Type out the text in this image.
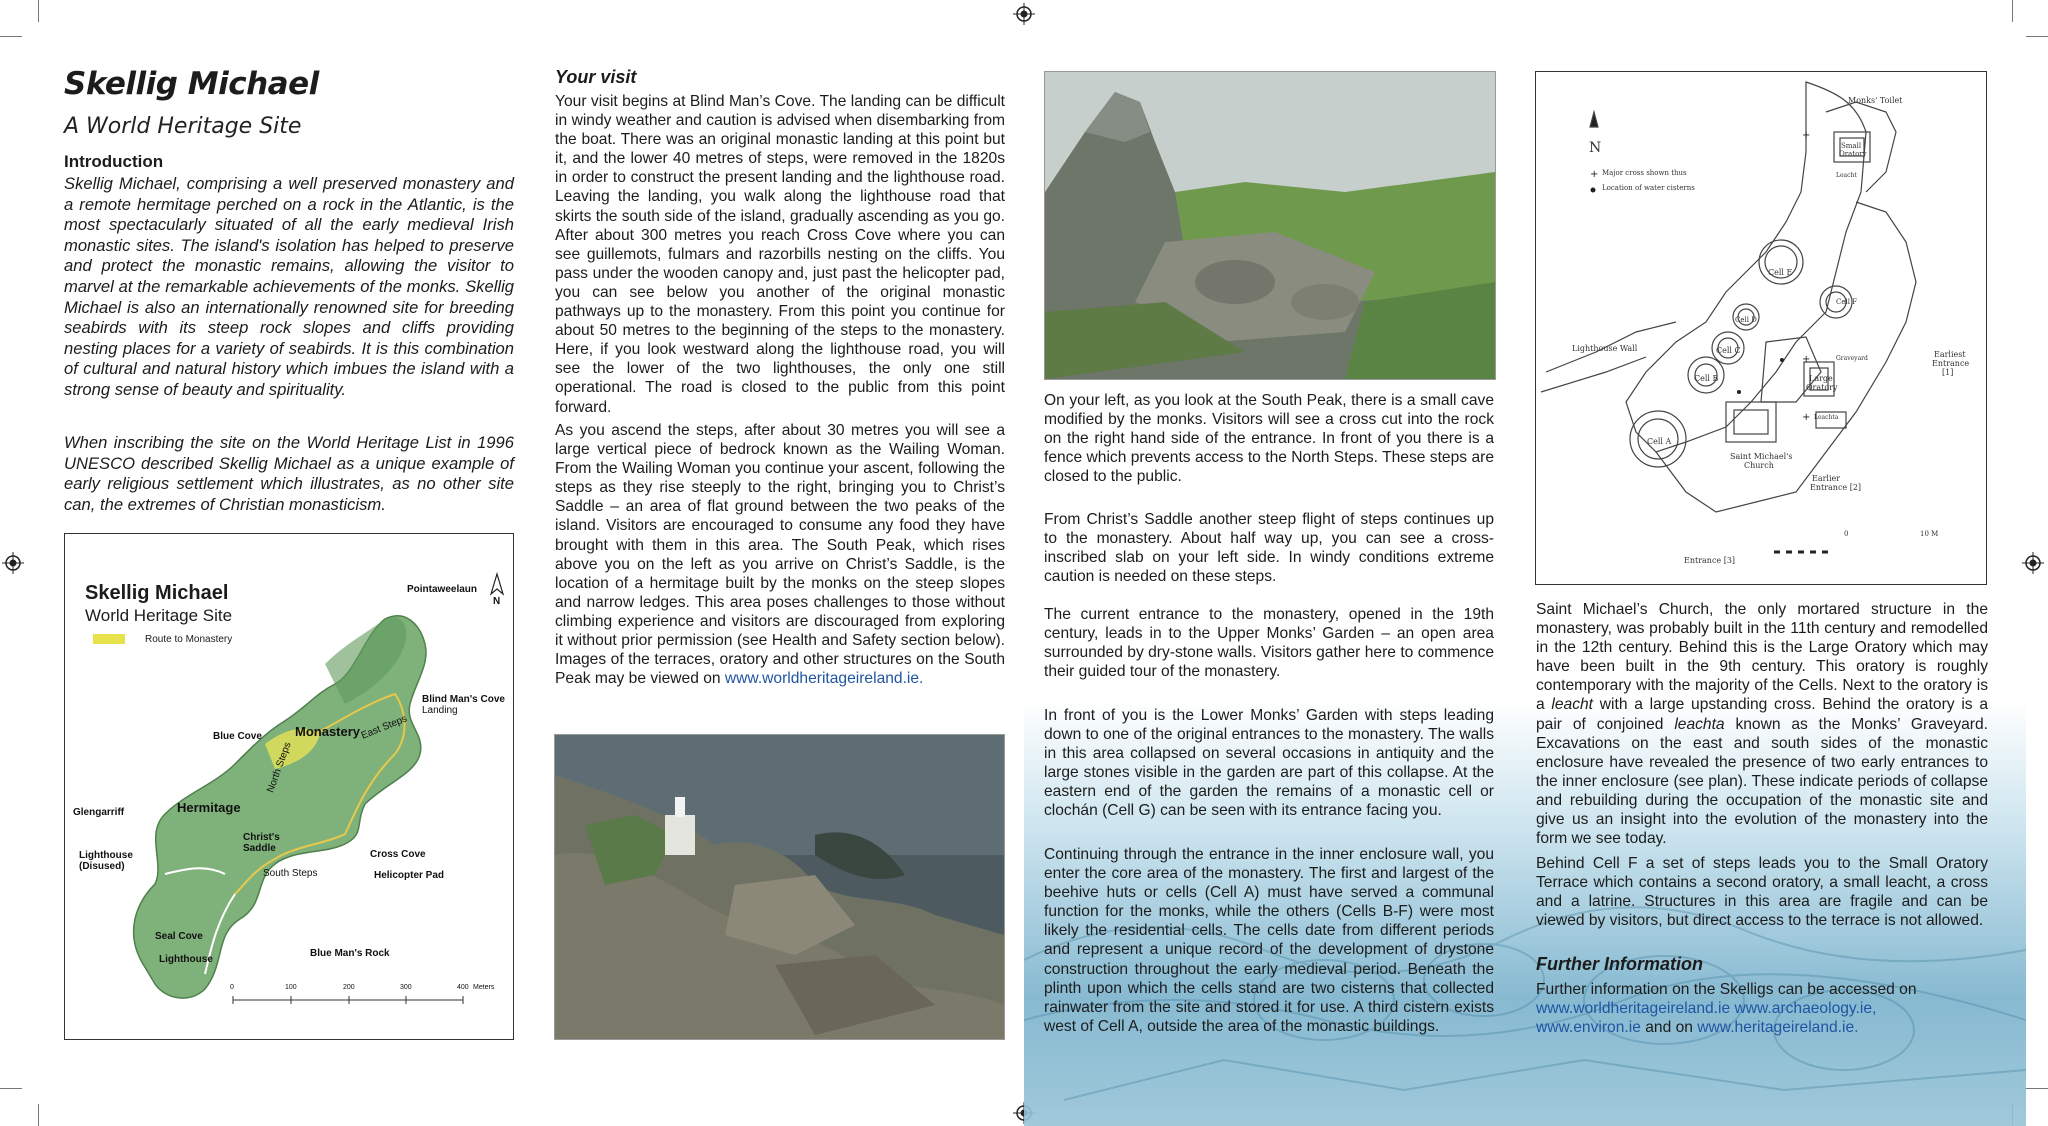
Skellig Michael
A World Heritage Site
Introduction

Skellig Michael, comprising a well preserved monastery and a remote hermitage perched on a rock in the Atlantic, is the most spectacularly situated of all the early medieval Irish monastic sites. The island's isolation has helped to preserve and protect the monastic remains, allowing the visitor to marvel at the remarkable achievements of the monks. Skellig Michael is also an internationally renowned site for breeding seabirds with its steep rock slopes and cliffs providing nesting places for a variety of seabirds. It is this combination of cultural and natural history which imbues the island with a strong sense of beauty and spirituality.

When inscribing the site on the World Heritage List in 1996 UNESCO described Skellig Michael as a unique example of early religious settlement which illustrates, as no other site can, the extremes of Christian monasticism.

Skellig Michael
World Heritage Site
Route to Monastery
N
Pointaweelaun
Blind Man's Cove
Landing
Blue Cove	Monastery East Steps
North Steps
Glengarriff	Hermitage
Christ's
Saddle
Lighthouse
(Disused)
Cross Cove
South Steps	Helicopter Pad
Seal Cove
Lighthouse
Blue Man's Rock
0	100	200	300	400 Meters
Your visit

Your visit begins at Blind Man’s Cove. The landing can be difficult in windy weather and caution is advised when disembarking from the boat. There was an original monastic landing at this point but it, and the lower 40 metres of steps, were removed in the 1820s in order to construct the present landing and the lighthouse road. Leaving the landing, you walk along the lighthouse road that skirts the south side of the island, gradually ascending as you go. After about 300 metres you reach Cross Cove where you can see guillemots, fulmars and razorbills nesting on the cliffs. You pass under the wooden canopy and, just past the helicopter pad, you can see below you another of the original monastic pathways up to the monastery. From this point you continue for about 50 metres to the beginning of the steps to the monastery. Here, if you look westward along the lighthouse road, you will see the lower of the two lighthouses, the only one still operational. The road is closed to the public from this point forward.

As you ascend the steps, after about 30 metres you will see a large vertical piece of bedrock known as the Wailing Woman. From the Wailing Woman you continue your ascent, following the steps as they rise steeply to the right, bringing you to Christ’s Saddle – an area of flat ground between the two peaks of the island. Visitors are encouraged to consume any food they have brought with them in this area. The South Peak, which rises above you on the left as you arrive on Christ’s Saddle, is the location of a hermitage built by the monks on the steep slopes and narrow ledges. This area poses challenges to those without climbing experience and visitors are discouraged from exploring it without prior permission (see Health and Safety section below). Images of the terraces, oratory and other structures on the South Peak may be viewed on www.worldheritageireland.ie.

On your left, as you look at the South Peak, there is a small cave modified by the monks. Visitors will see a cross cut into the rock on the right hand side of the entrance. In front of you there is a fence which prevents access to the North Steps. These steps are closed to the public.

From Christ’s Saddle another steep flight of steps continues up to the monastery. About half way up, you can see a cross-inscribed slab on your left side. In windy conditions extreme caution is needed on these steps.

The current entrance to the monastery, opened in the 19th century, leads in to the Upper Monks’ Garden – an open area surrounded by dry-stone walls. Visitors gather here to commence their guided tour of the monastery.

In front of you is the Lower Monks’ Garden with steps leading down to one of the original entrances to the monastery. The walls in this area collapsed on several occasions in antiquity and the large stones visible in the garden are part of this collapse. At the eastern end of the garden the remains of a monastic cell or clochán (Cell G) can be seen with its entrance facing you.

Continuing through the entrance in the inner enclosure wall, you enter the core area of the monastery. The first and largest of the beehive huts or cells (Cell A) must have served a communal function for the monks, while the others (Cells B-F) were most likely the residential cells. The cells date from different periods and represent a unique record of the development of drystone construction throughout the early medieval period. Beneath the plinth upon which the cells stand are two cisterns that collected rainwater from the site and stored it for use. A third cistern exists west of Cell A, outside the area of the monastic buildings.

+
+
+
+
N
Major cross shown thus
Location of water cisterns
Monks' Toilet
Small
Oratory
Leacht
Cell E
Cell F
Cell D
Cell C
Cell B
Cell A
Lighthouse Wall
Graveyard
Large
Oratory
Leachta
Earliest
Entrance
[1]
Saint Michael's
Church
Earlier
Entrance [2]
Entrance [3]
0	10 M

Saint Michael’s Church, the only mortared structure in the monastery, was probably built in the 11th century and remodelled in the 12th century. Behind this is the Large Oratory which may have been built in the 9th century. This oratory is roughly contemporary with the majority of the Cells. Next to the oratory is a leacht with a large upstanding cross. Behind the oratory is a pair of conjoined leachta known as the Monks’ Graveyard. Excavations on the east and south sides of the monastic enclosure have revealed the presence of two early entrances to the inner enclosure (see plan). These indicate periods of collapse and rebuilding during the occupation of the monastic site and give us an insight into the evolution of the monastery into the form we see today.

Behind Cell F a set of steps leads you to the Small Oratory Terrace which contains a second oratory, a small leacht, a cross and a latrine. Structures in this area are fragile and can be viewed by visitors, but direct access to the terrace is not allowed.

Further Information
Further information on the Skelligs can be accessed on
www.worldheritageireland.ie www.archaeology.ie,
www.environ.ie and on www.heritageireland.ie.
